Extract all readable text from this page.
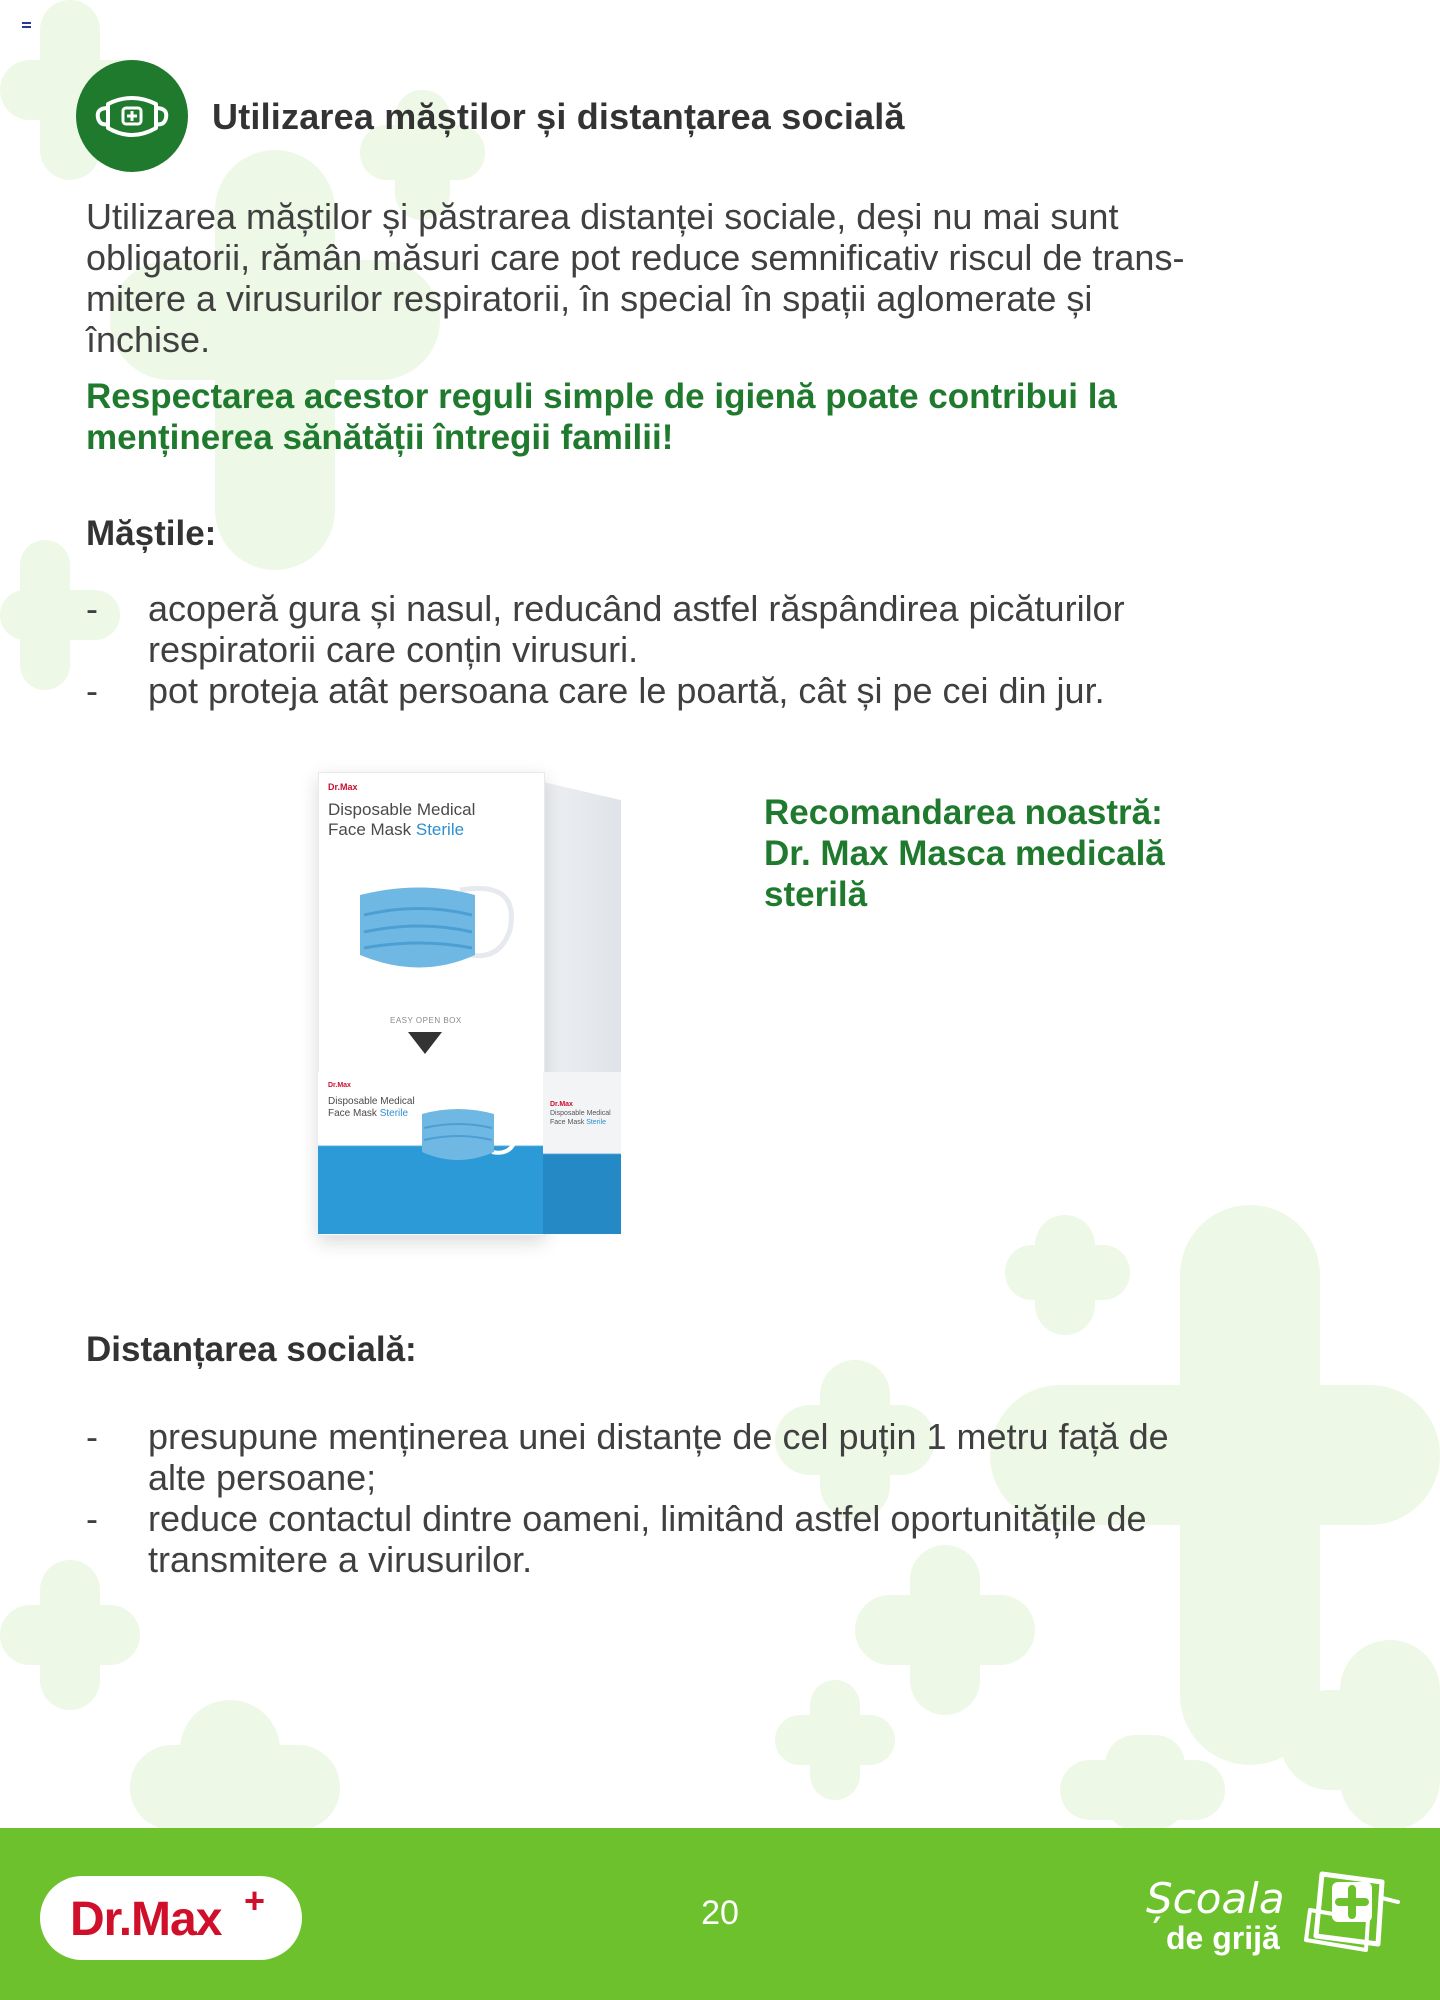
Utilizarea măștilor și distanțarea socială
Utilizarea măștilor și păstrarea distanței sociale, deși nu mai sunt
obligatorii, rămân măsuri care pot reduce semnificativ riscul de trans-
mitere a virusurilor respiratorii, în special în spații aglomerate și
închise.
Respectarea acestor reguli simple de igienă poate contribui la
menținerea sănătății întregii familii!
Măștile:
- acoperă gura și nasul, reducând astfel răspândirea picăturilor
respiratorii care conțin virusuri.
- pot proteja atât persoana care le poartă, cât și pe cei din jur.
Dr.Max
Disposable Medical
Face Mask Sterile
EASY OPEN BOX
Dr.Max
Disposable Medical
Face Mask Sterile
Dr.Max
Disposable Medical
Face Mask Sterile
Recomandarea noastră:
Dr. Max Masca medicală
sterilă
Distanțarea socială:
- presupune menținerea unei distanțe de cel puțin 1 metru față de
alte persoane;
- reduce contactul dintre oameni, limitând astfel oportunitățile de
transmitere a virusurilor.
Dr.Max +	20	Școala
de grijă
